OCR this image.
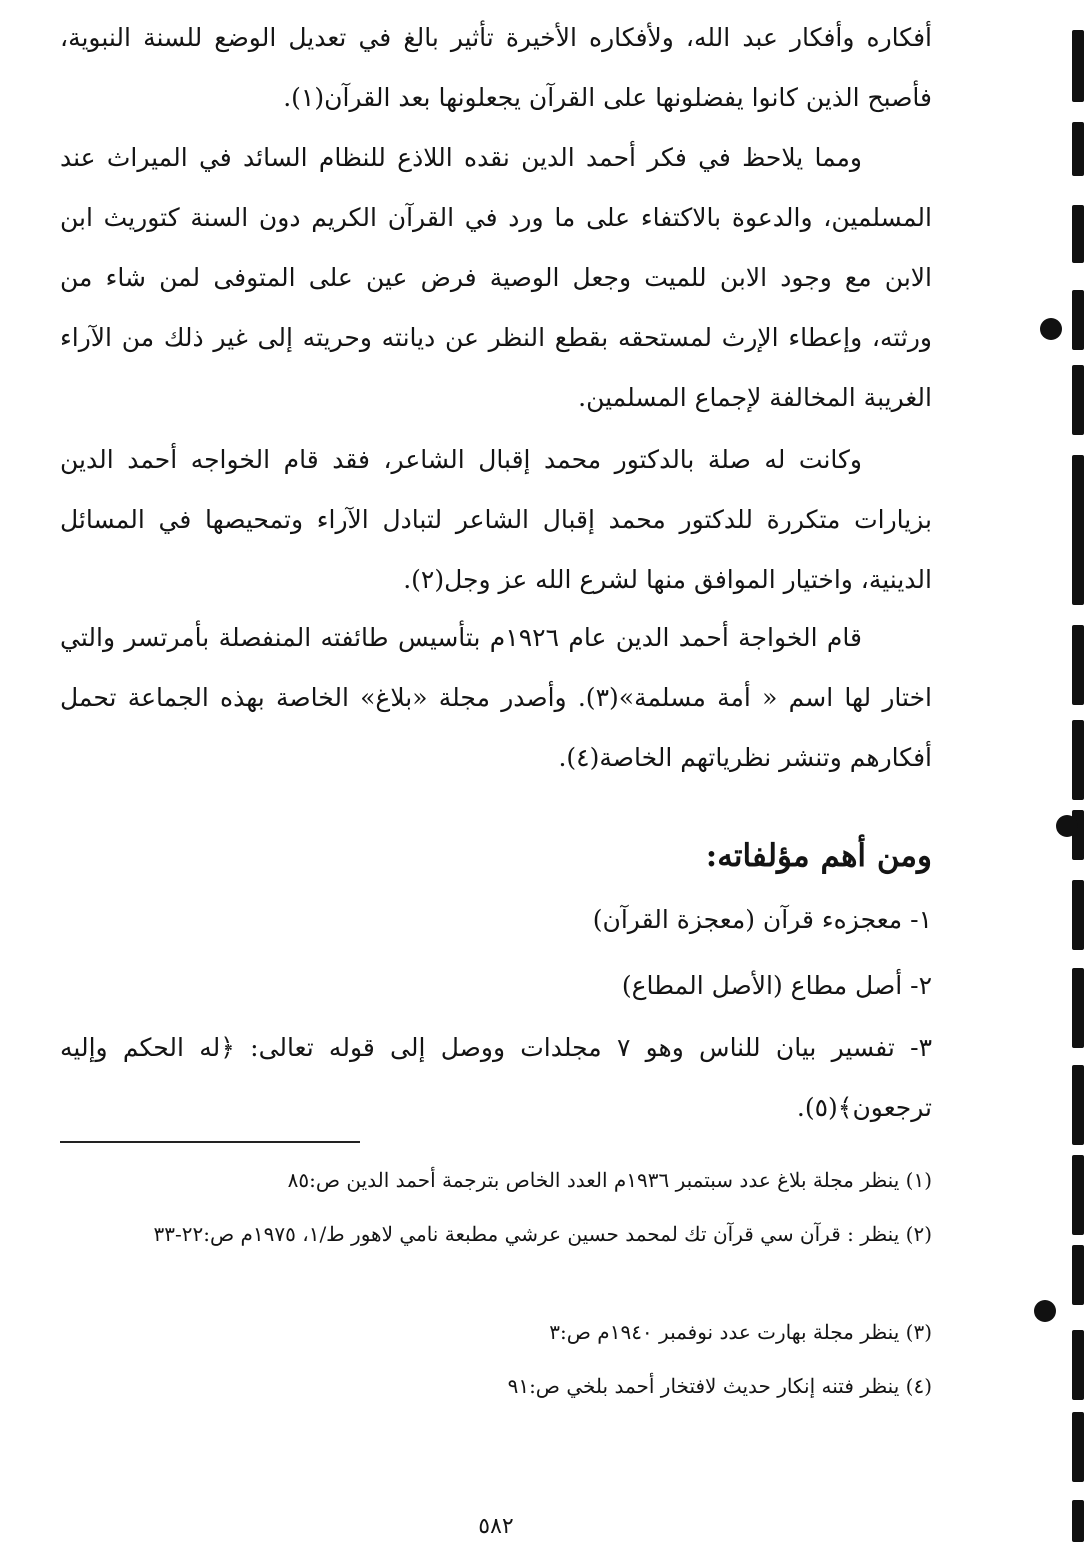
أفكاره وأفكار عبد الله، ولأفكاره الأخيرة تأثير بالغ في تعديل الوضع للسنة النبوية، فأصبح الذين كانوا يفضلونها على القرآن يجعلونها بعد القرآن(١).

ومما يلاحظ في فكر أحمد الدين نقده اللاذع للنظام السائد في الميراث عند المسلمين، والدعوة بالاكتفاء على ما ورد في القرآن الكريم دون السنة كتوريث ابن الابن مع وجود الابن للميت وجعل الوصية فرض عين على المتوفى لمن شاء من ورثته، وإعطاء الإرث لمستحقه بقطع النظر عن ديانته وحريته إلى غير ذلك من الآراء الغريبة المخالفة لإجماع المسلمين.

وكانت له صلة بالدكتور محمد إقبال الشاعر، فقد قام الخواجه أحمد الدين بزيارات متكررة للدكتور محمد إقبال الشاعر لتبادل الآراء وتمحيصها في المسائل الدينية، واختيار الموافق منها لشرع الله عز وجل(٢).

قام الخواجة أحمد الدين عام ١٩٢٦م بتأسيس طائفته المنفصلة بأمرتسر والتي اختار لها اسم « أمة مسلمة»(٣). وأصدر مجلة «بلاغ» الخاصة بهذه الجماعة تحمل أفكارهم وتنشر نظرياتهم الخاصة(٤).

ومن أهم مؤلفاته:

١- معجزهء قرآن (معجزة القرآن)

٢- أصل مطاع (الأصل المطاع)

٣- تفسير بيان للناس وهو ٧ مجلدات ووصل إلى قوله تعالى: ﴿له الحكم وإليه ترجعون﴾(٥).

(١) ينظر مجلة بلاغ عدد سبتمبر ١٩٣٦م العدد الخاص بترجمة أحمد الدين ص:٨٥

(٢) ينظر : قرآن سي قرآن تك لمحمد حسين عرشي مطبعة نامي لاهور ط/١، ١٩٧٥م ص:٢٢-٣٣

(٣) ينظر مجلة بهارت عدد نوفمبر ١٩٤٠م ص:٣

(٤) ينظر فتنه إنكار حديث لافتخار أحمد بلخي ص:٩١

٥٨٢
